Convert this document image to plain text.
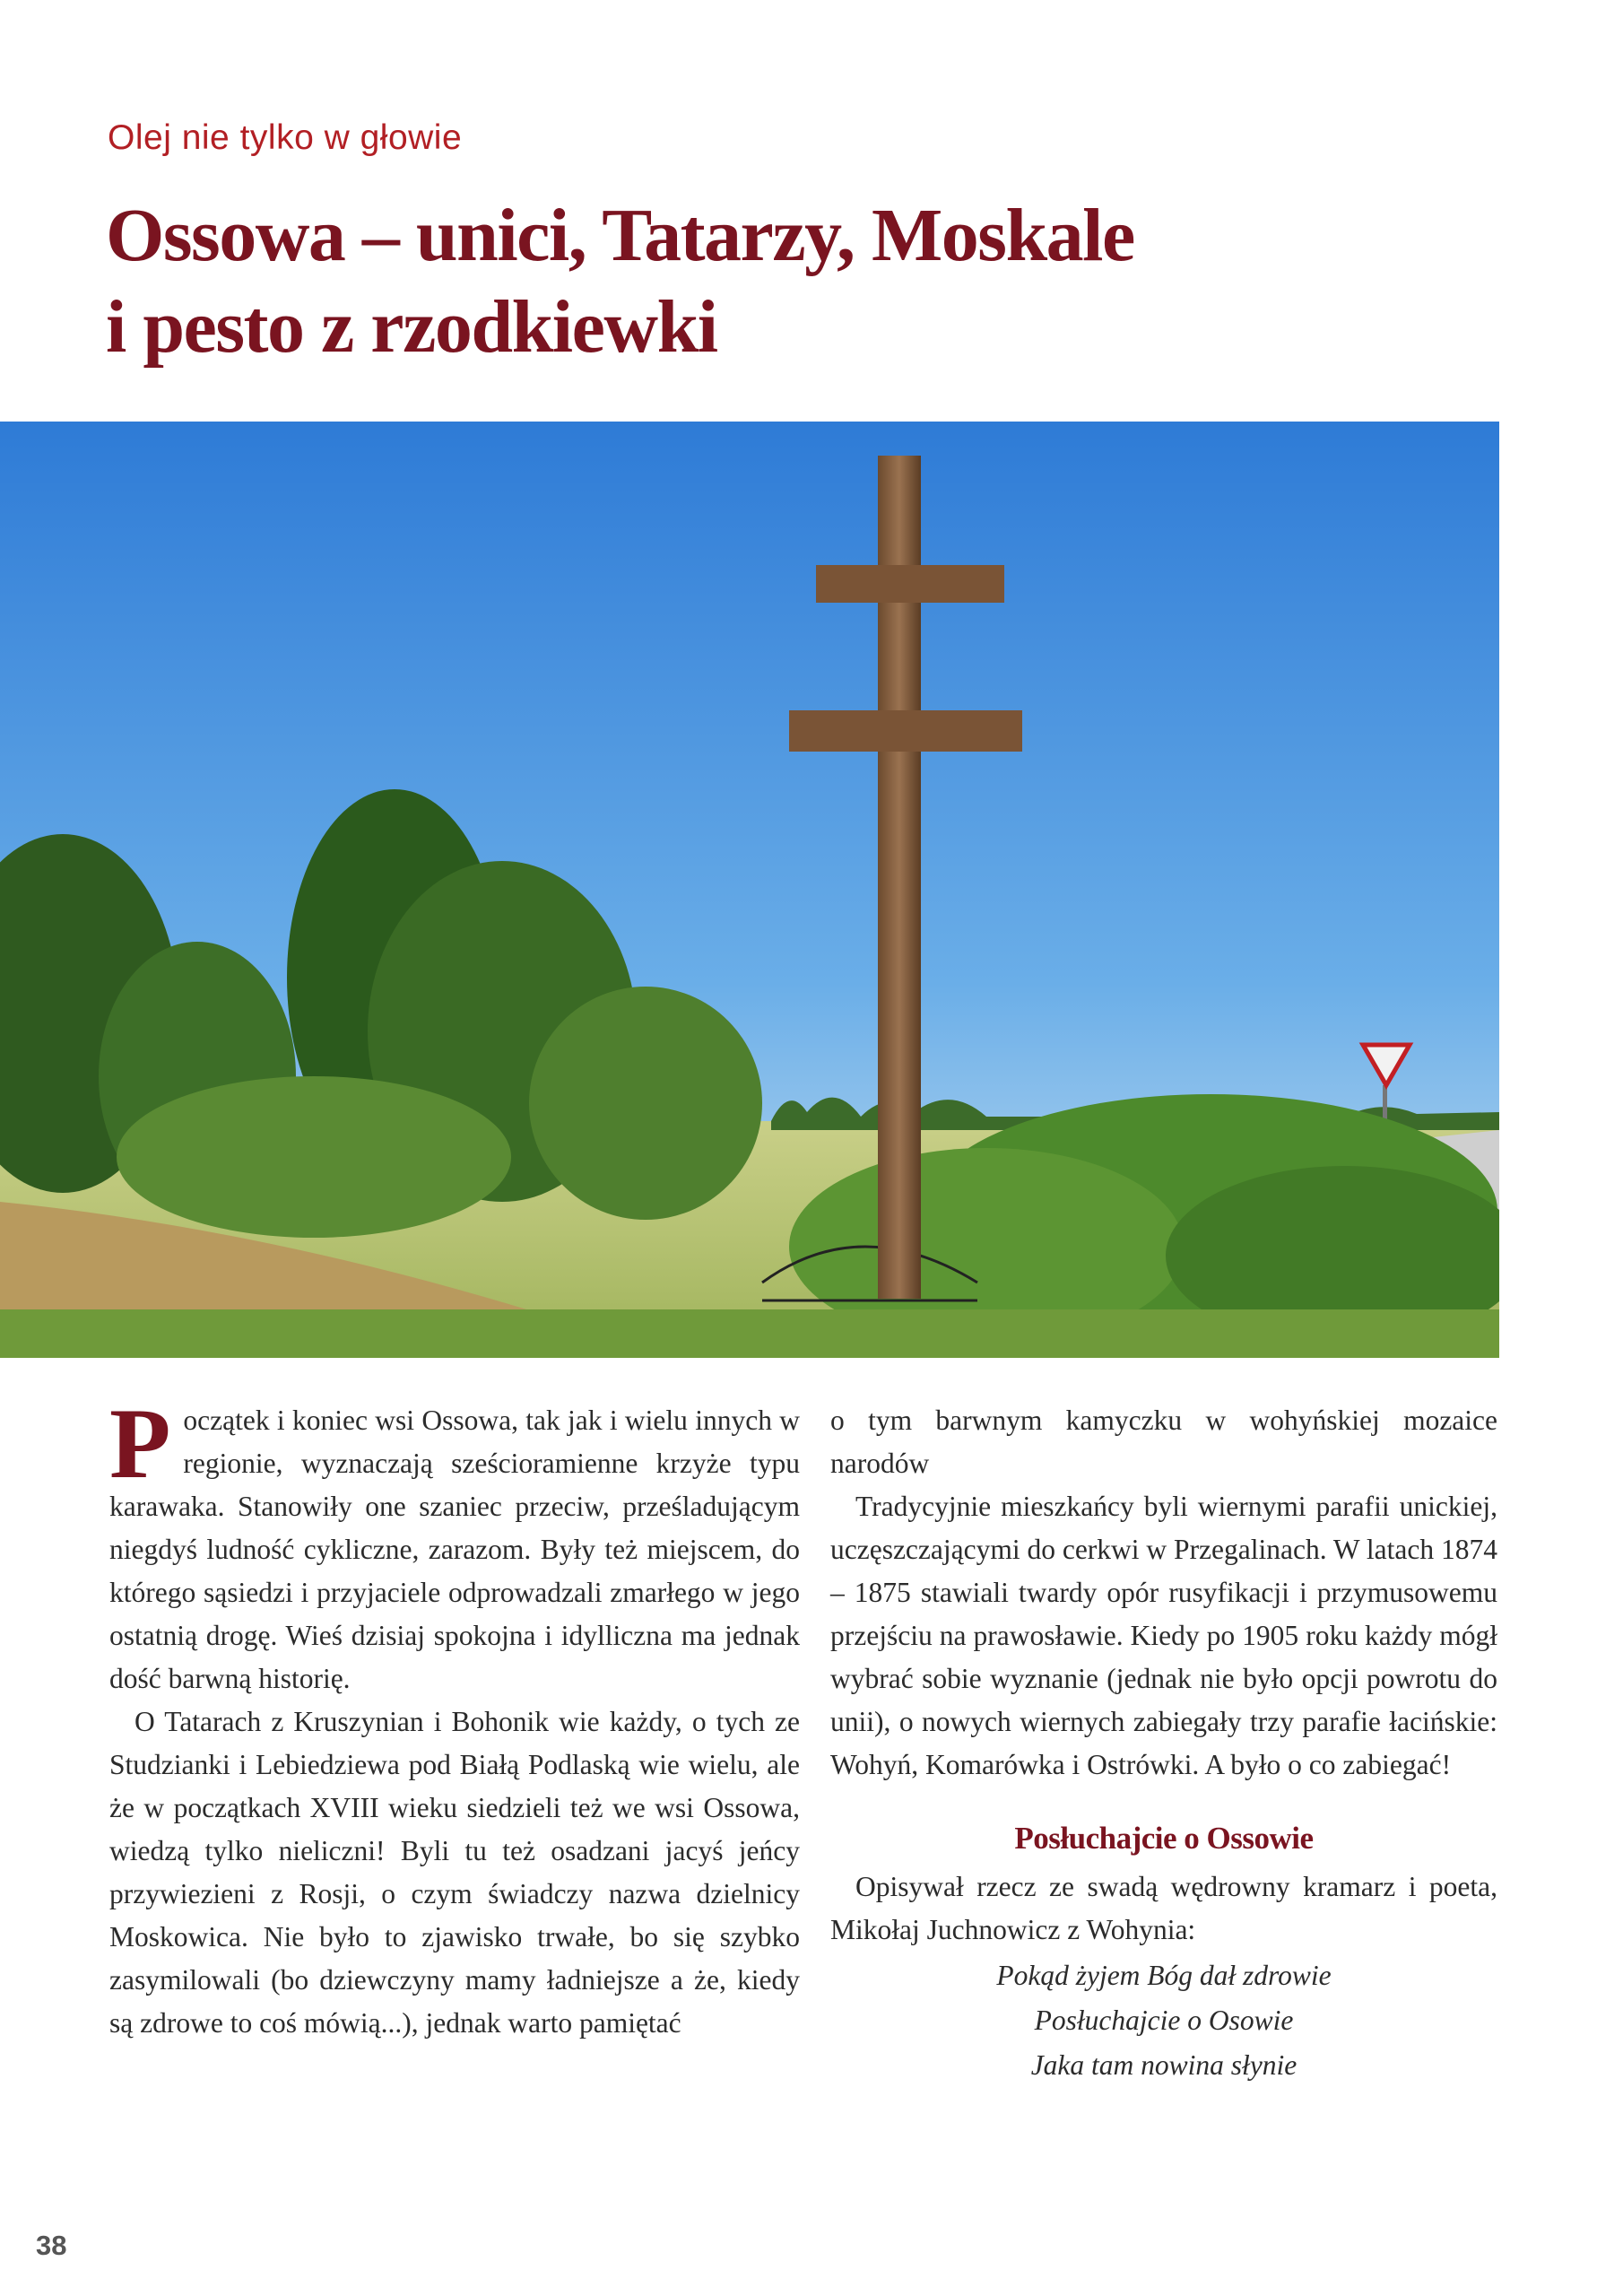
Olej nie tylko w głowie
Ossowa – unici, Tatarzy, Moskale
i pesto z rzodkiewki

Początek i koniec wsi Ossowa, tak jak i wielu innych w regionie, wyznaczają sześcioramienne krzyże typu karawaka. Stanowiły one szaniec przeciw, prześladującym niegdyś ludność cykliczne, zarazom. Były też miejscem, do którego sąsiedzi i przyjaciele odprowadzali zmarłego w jego ostatnią drogę. Wieś dzisiaj spokojna i idylliczna ma jednak dość barwną historię.

O Tatarach z Kruszynian i Bohonik wie każdy, o tych ze Studzianki i Lebiedziewa pod Białą Podlaską wie wielu, ale że w początkach XVIII wieku siedzieli też we wsi Ossowa, wiedzą tylko nieliczni! Byli tu też osadzani jacyś jeńcy przywiezieni z Rosji, o czym świadczy nazwa dzielnicy Moskowica. Nie było to zjawisko trwałe, bo się szybko zasymilowali (bo dziewczyny mamy ładniejsze a że, kiedy są zdrowe to coś mówią...), jednak warto pamiętać

o tym barwnym kamyczku w wohyńskiej mozaice narodów

Tradycyjnie mieszkańcy byli wiernymi parafii unickiej, uczęszczającymi do cerkwi w Przegalinach. W latach 1874 – 1875 stawiali twardy opór rusyfikacji i przymusowemu przejściu na prawosławie. Kiedy po 1905 roku każdy mógł wybrać sobie wyznanie (jednak nie było opcji powrotu do unii), o nowych wiernych zabiegały trzy parafie łacińskie: Wohyń, Komarówka i Ostrówki. A było o co zabiegać!

Posłuchajcie o Ossowie

Opisywał rzecz ze swadą wędrowny kramarz i poeta, Mikołaj Juchnowicz z Wohynia:

Pokąd żyjem Bóg dał zdrowie
Posłuchajcie o Osowie
Jaka tam nowina słynie
38
